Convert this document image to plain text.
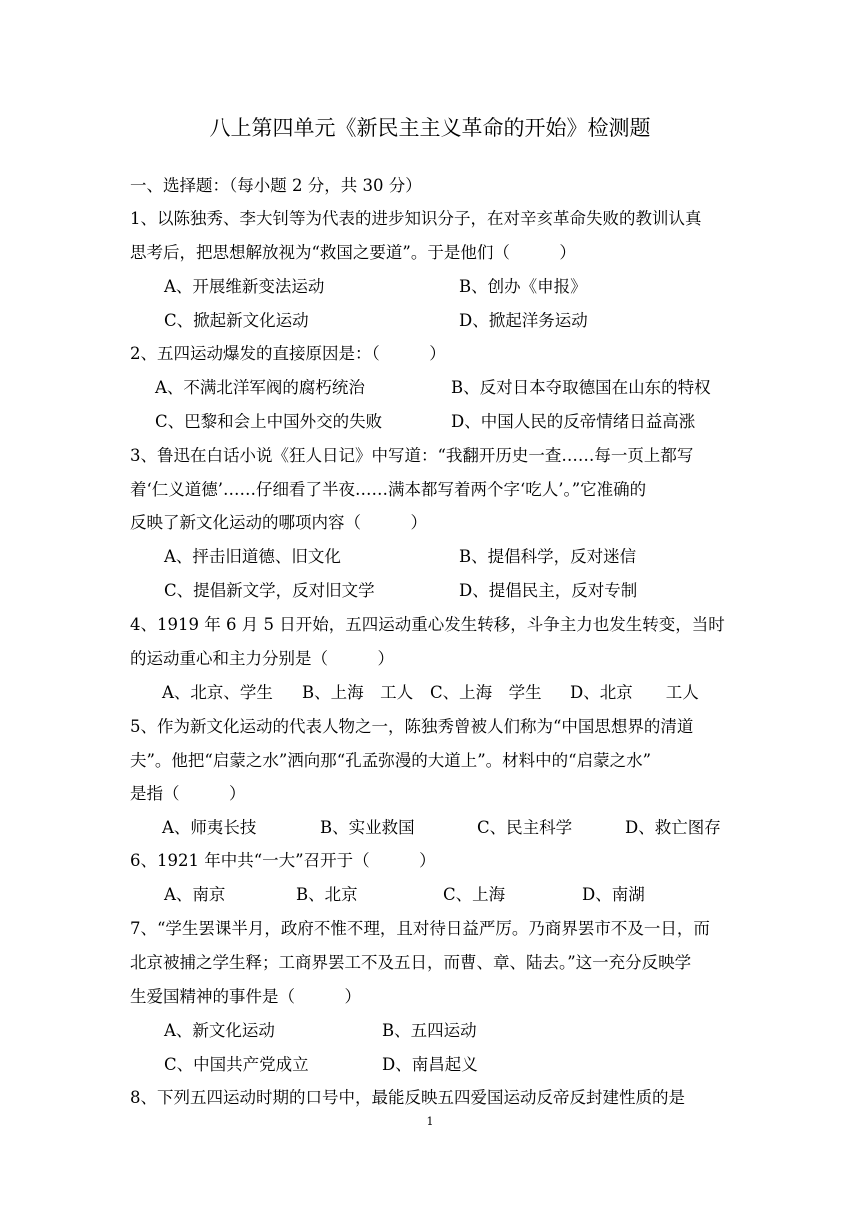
八上第四单元《新民主主义革命的开始》检测题
一、选择题：（每小题 2 分，共 30 分）
1、以陈独秀、李大钊等为代表的进步知识分子，在对辛亥革命失败的教训认真
思考后，把思想解放视为“救国之要道”。于是他们（　　　）
A、开展维新变法运动	B、创办《申报》
C、掀起新文化运动	D、掀起洋务运动
2、五四运动爆发的直接原因是：（　　　）
A、不满北洋军阀的腐朽统治	B、反对日本夺取德国在山东的特权
C、巴黎和会上中国外交的失败	D、中国人民的反帝情绪日益高涨
3、鲁迅在白话小说《狂人日记》中写道：“我翻开历史一查……每一页上都写
着‘仁义道德’……仔细看了半夜……满本都写着两个字‘吃人’。”它准确的
反映了新文化运动的哪项内容（　　　）
A、抨击旧道德、旧文化	B、提倡科学，反对迷信
C、提倡新文学，反对旧文学	D、提倡民主，反对专制
4、1919 年 6 月 5 日开始，五四运动重心发生转移，斗争主力也发生转变，当时
的运动重心和主力分别是（　　　）
A、北京、学生 B、上海　工人 C、上海　学生 D、北京　　工人
5、作为新文化运动的代表人物之一，陈独秀曾被人们称为“中国思想界的清道
夫”。他把“启蒙之水”洒向那“孔孟弥漫的大道上”。材料中的“启蒙之水”
是指（　　　）
A、师夷长技	B、实业救国	C、民主科学	D、救亡图存
6、1921 年中共“一大”召开于（　　　）
A、南京	B、北京	C、上海	D、南湖
7、“学生罢课半月，政府不惟不理，且对待日益严厉。乃商界罢市不及一日，而
北京被捕之学生释；工商界罢工不及五日，而曹、章、陆去。”这一充分反映学
生爱国精神的事件是（　　　）
A、新文化运动	B、五四运动
C、中国共产党成立	D、南昌起义
8、下列五四运动时期的口号中，最能反映五四爱国运动反帝反封建性质的是
1
